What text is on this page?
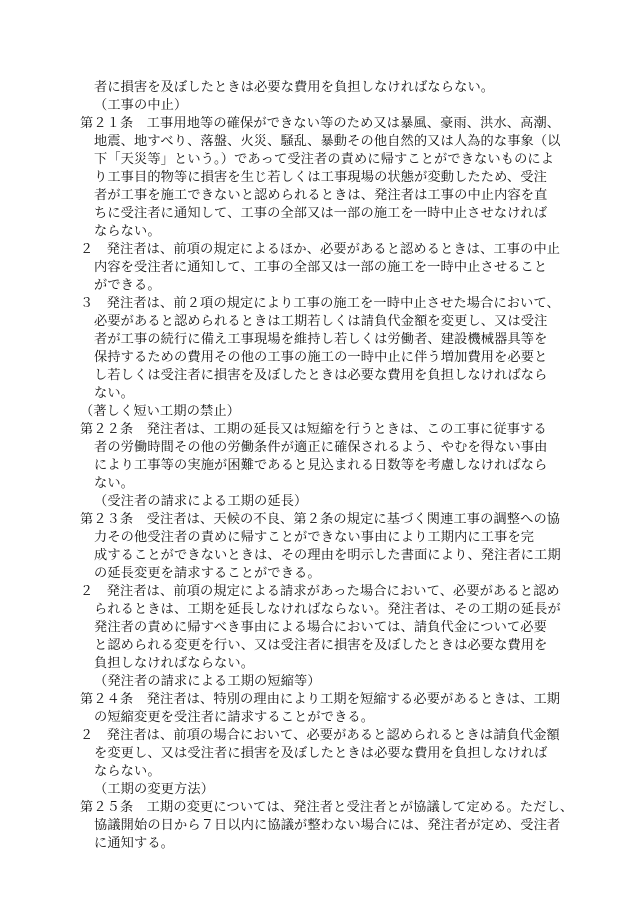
者に損害を及ぼしたときは必要な費用を負担しなければならない。
（工事の中止）
第２１条　工事用地等の確保ができない等のため又は暴風、豪雨、洪水、高潮、
地震、地すべり、落盤、火災、騒乱、暴動その他自然的又は人為的な事象（以
下「天災等」という。）であって受注者の責めに帰すことができないものによ
り工事目的物等に損害を生じ若しくは工事現場の状態が変動したため、受注
者が工事を施工できないと認められるときは、発注者は工事の中止内容を直
ちに受注者に通知して、工事の全部又は一部の施工を一時中止させなければ
ならない。
２　発注者は、前項の規定によるほか、必要があると認めるときは、工事の中止
内容を受注者に通知して、工事の全部又は一部の施工を一時中止させること
ができる。
３　発注者は、前２項の規定により工事の施工を一時中止させた場合において、
必要があると認められるときは工期若しくは請負代金額を変更し、又は受注
者が工事の続行に備え工事現場を維持し若しくは労働者、建設機械器具等を
保持するための費用その他の工事の施工の一時中止に伴う増加費用を必要と
し若しくは受注者に損害を及ぼしたときは必要な費用を負担しなければなら
ない。
（著しく短い工期の禁止）
第２２条　発注者は、工期の延長又は短縮を行うときは、この工事に従事する
者の労働時間その他の労働条件が適正に確保されるよう、やむを得ない事由
により工事等の実施が困難であると見込まれる日数等を考慮しなければなら
ない。
（受注者の請求による工期の延長）
第２３条　受注者は、天候の不良、第２条の規定に基づく関連工事の調整への協
力その他受注者の責めに帰すことができない事由により工期内に工事を完
成することができないときは、その理由を明示した書面により、発注者に工期
の延長変更を請求することができる。
２　発注者は、前項の規定による請求があった場合において、必要があると認め
られるときは、工期を延長しなければならない。発注者は、その工期の延長が
発注者の責めに帰すべき事由による場合においては、請負代金について必要
と認められる変更を行い、又は受注者に損害を及ぼしたときは必要な費用を
負担しなければならない。
（発注者の請求による工期の短縮等）
第２４条　発注者は、特別の理由により工期を短縮する必要があるときは、工期
の短縮変更を受注者に請求することができる。
２　発注者は、前項の場合において、必要があると認められるときは請負代金額
を変更し、又は受注者に損害を及ぼしたときは必要な費用を負担しなければ
ならない。
（工期の変更方法）
第２５条　工期の変更については、発注者と受注者とが協議して定める。ただし、
協議開始の日から７日以内に協議が整わない場合には、発注者が定め、受注者
に通知する。
